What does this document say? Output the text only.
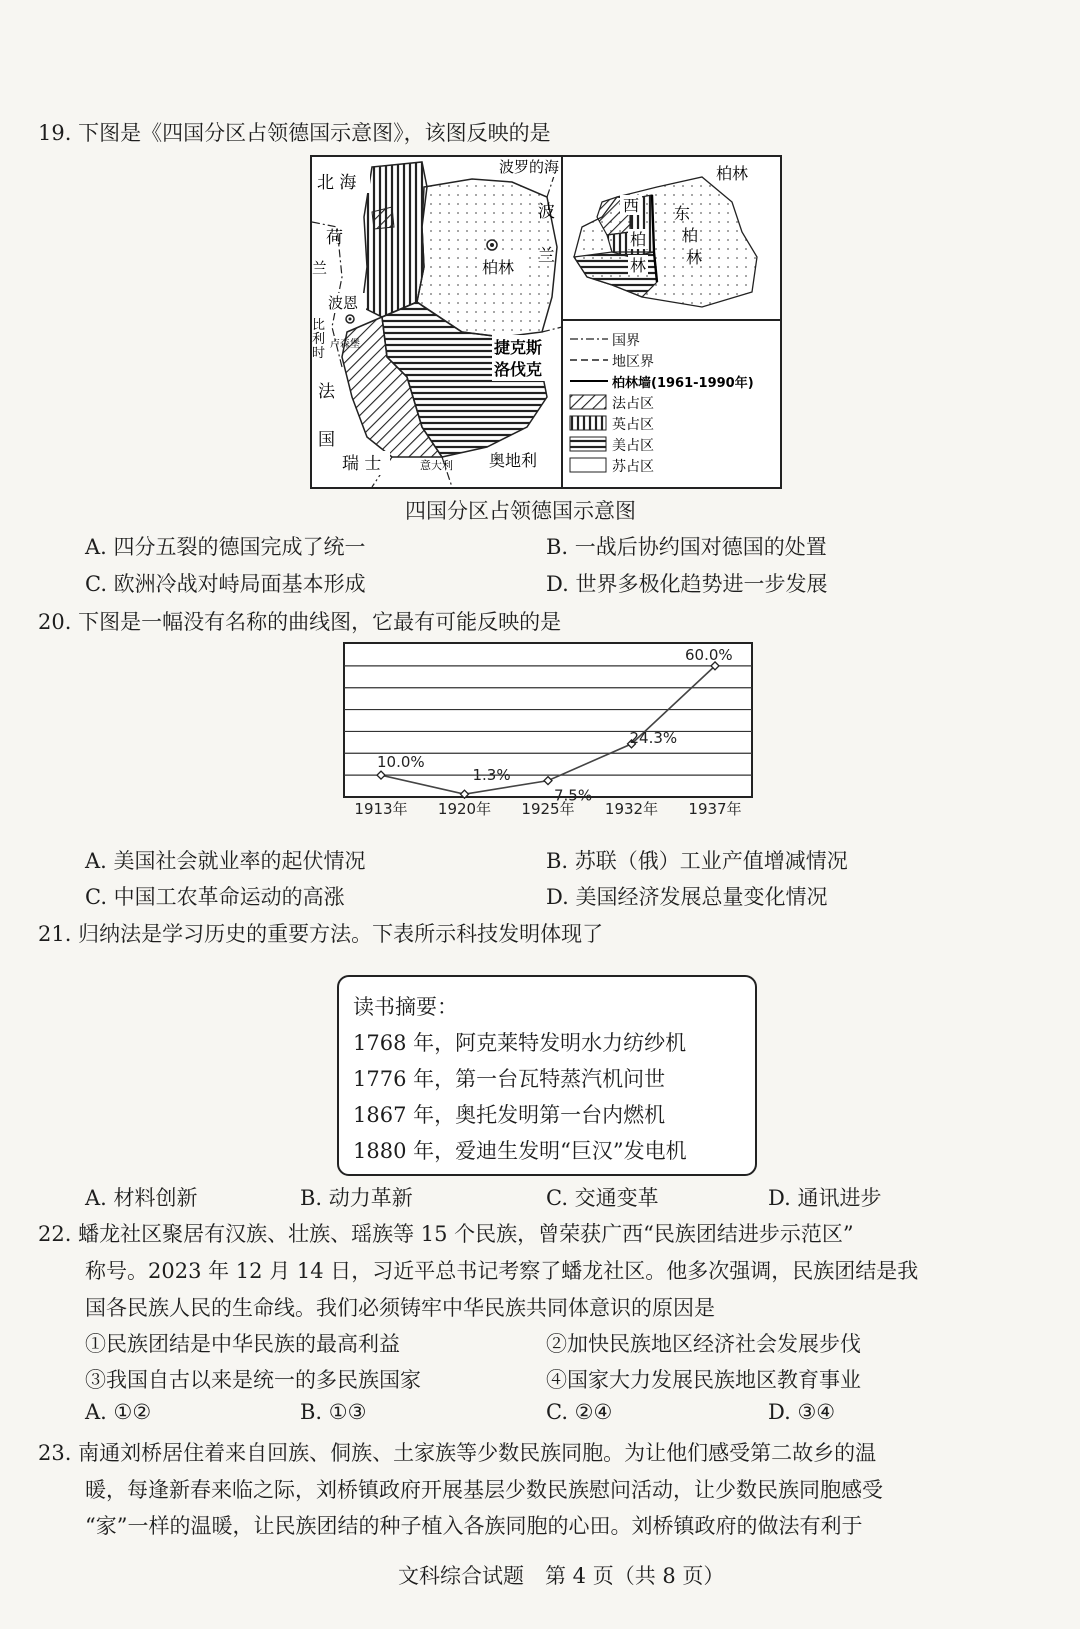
19. 下图是《四国分区占领德国示意图》，该图反映的是
北 海
波罗的海
波
兰
荷
兰	柏林
波恩
卢森堡
比
利
时
法
国
捷克斯
洛伐克
瑞 士	意大利 奥地利
柏林
西
柏
林
东
柏
林
国界
地区界
柏林墙(1961-1990年)
法占区
英占区
美占区
苏占区
四国分区占领德国示意图
A. 四分五裂的德国完成了统一	B. 一战后协约国对德国的处置
C. 欧洲冷战对峙局面基本形成	D. 世界多极化趋势进一步发展
20. 下图是一幅没有名称的曲线图，它最有可能反映的是
10.0%
1.3%
7.5%
24.3%
60.0%
1913年 1920年 1925年 1932年 1937年
A. 美国社会就业率的起伏情况	B. 苏联（俄）工业产值增减情况
C. 中国工农革命运动的高涨	D. 美国经济发展总量变化情况
21. 归纳法是学习历史的重要方法。下表所示科技发明体现了
读书摘要：
1768 年，阿克莱特发明水力纺纱机
1776 年，第一台瓦特蒸汽机问世
1867 年，奥托发明第一台内燃机
1880 年，爱迪生发明“巨汉”发电机
A. 材料创新	B. 动力革新	C. 交通变革	D. 通讯进步
22. 蟠龙社区聚居有汉族、壮族、瑶族等 15 个民族，曾荣获广西“民族团结进步示范区”
称号。2023 年 12 月 14 日，习近平总书记考察了蟠龙社区。他多次强调，民族团结是我
国各民族人民的生命线。我们必须铸牢中华民族共同体意识的原因是
①民族团结是中华民族的最高利益	②加快民族地区经济社会发展步伐
③我国自古以来是统一的多民族国家	④国家大力发展民族地区教育事业
A. ①②	B. ①③	C. ②④	D. ③④
23. 南通刘桥居住着来自回族、侗族、土家族等少数民族同胞。为让他们感受第二故乡的温
暖，每逢新春来临之际，刘桥镇政府开展基层少数民族慰问活动，让少数民族同胞感受
“家”一样的温暖，让民族团结的种子植入各族同胞的心田。刘桥镇政府的做法有利于
文科综合试题　第 4 页（共 8 页）
